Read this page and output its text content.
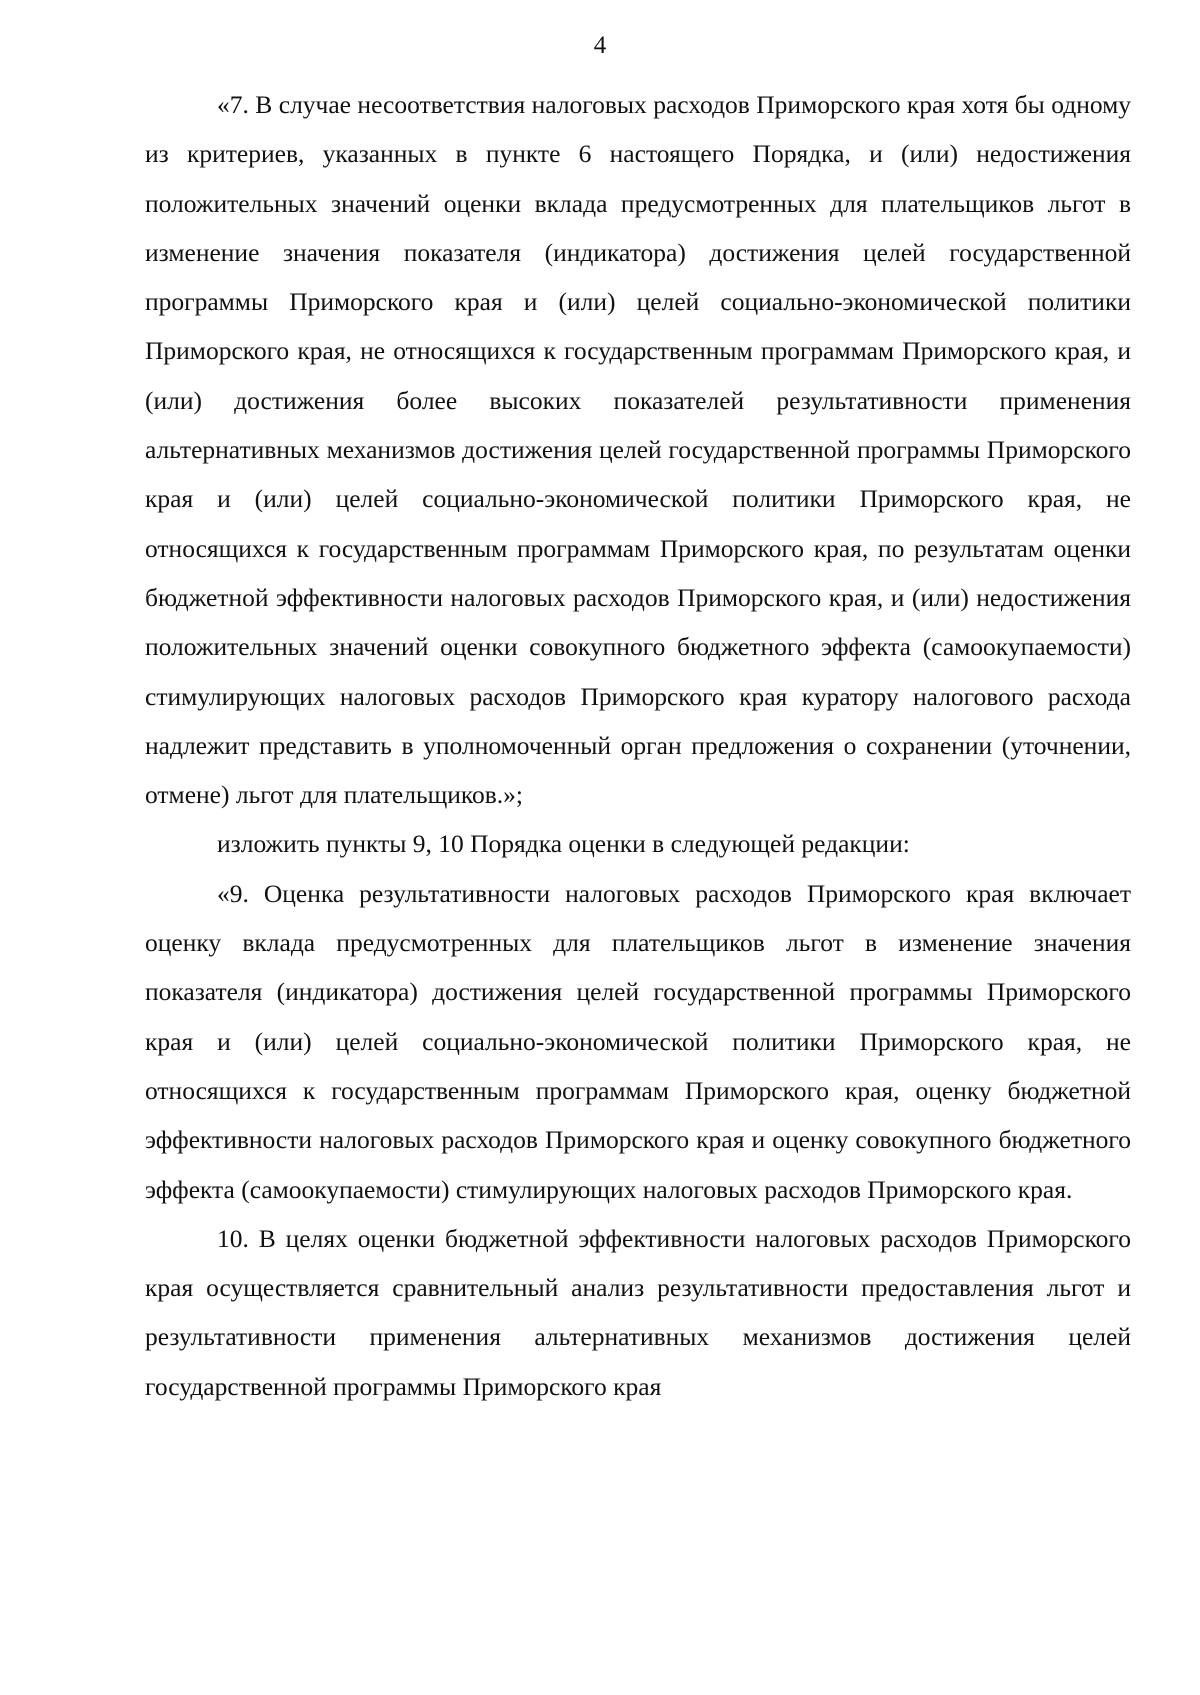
4

«7. В случае несоответствия налоговых расходов Приморского края хотя бы одному из критериев, указанных в пункте 6 настоящего Порядка, и (или) недостижения положительных значений оценки вклада предусмотренных для плательщиков льгот в изменение значения показателя (индикатора) достижения целей государственной программы Приморского края и (или) целей социально-экономической политики Приморского края, не относящихся к государственным программам Приморского края, и (или) достижения более высоких показателей результативности применения альтернативных механизмов достижения целей государственной программы Приморского края и (или) целей социально-экономической политики Приморского края, не относящихся к государственным программам Приморского края, по результатам оценки бюджетной эффективности налоговых расходов Приморского края, и (или) недостижения положительных значений оценки совокупного бюджетного эффекта (самоокупаемости) стимулирующих налоговых расходов Приморского края куратору налогового расхода надлежит представить в уполномоченный орган предложения о сохранении (уточнении, отмене) льгот для плательщиков.»;

изложить пункты 9, 10 Порядка оценки в следующей редакции:

«9. Оценка результативности налоговых расходов Приморского края включает оценку вклада предусмотренных для плательщиков льгот в изменение значения показателя (индикатора) достижения целей государственной программы Приморского края и (или) целей социально-экономической политики Приморского края, не относящихся к государственным программам Приморского края, оценку бюджетной эффективности налоговых расходов Приморского края и оценку совокупного бюджетного эффекта (самоокупаемости) стимулирующих налоговых расходов Приморского края.

10. В целях оценки бюджетной эффективности налоговых расходов Приморского края осуществляется сравнительный анализ результативности предоставления льгот и результативности применения альтернативных механизмов достижения целей государственной программы Приморского края
